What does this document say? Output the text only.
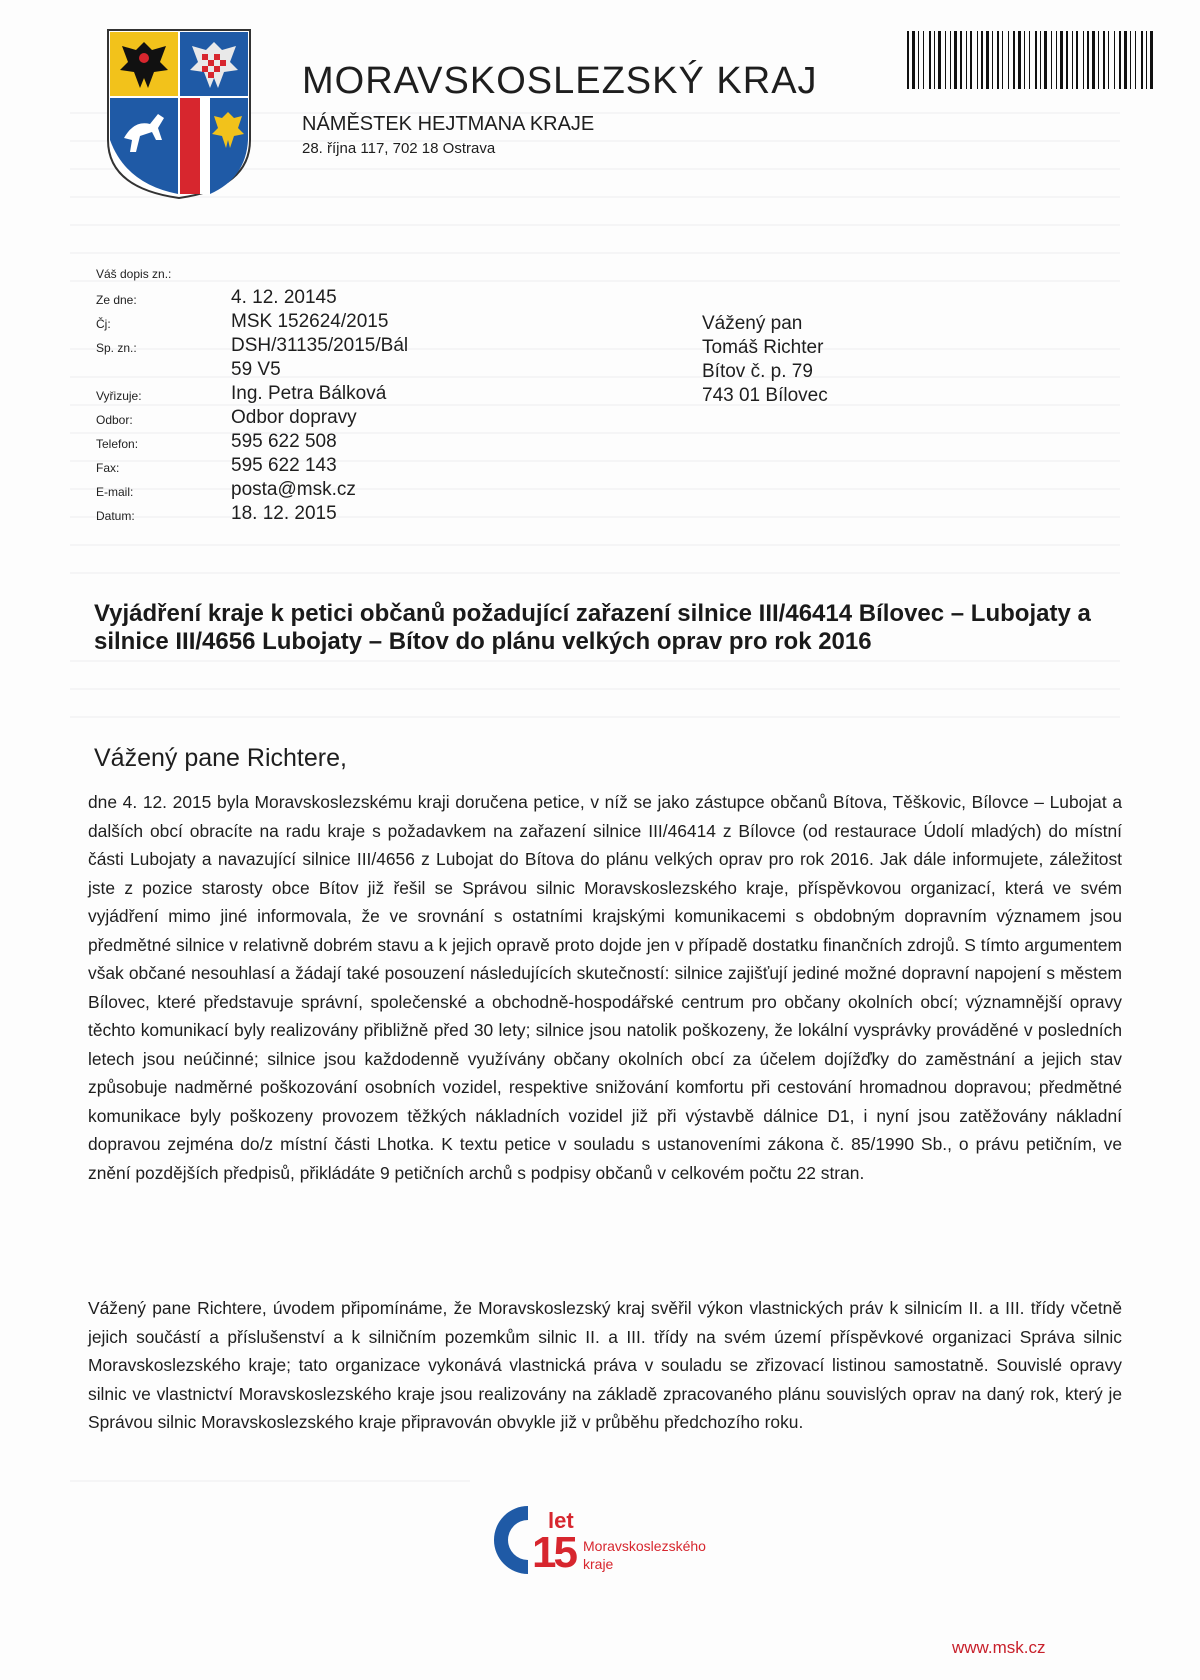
MORAVSKOSLEZSKÝ KRAJ
NÁMĚSTEK HEJTMANA KRAJE
28. října 117, 702 18 Ostrava
Váš dopis zn.:
Ze dne:	4. 12. 20145
Čj:	MSK 152624/2015
Sp. zn.:	DSH/31135/2015/Bál
59 V5
Vyřizuje:	Ing. Petra Bálková
Odbor:	Odbor dopravy
Telefon:	595 622 508
Fax:	595 622 143
E-mail:	posta@msk.cz
Datum:	18. 12. 2015
Vážený pan
Tomáš Richter
Bítov č. p. 79
743 01 Bílovec
Vyjádření kraje k petici občanů požadující zařazení silnice III/46414 Bílovec – Lubojaty a silnice III/4656 Lubojaty – Bítov do plánu velkých oprav pro rok 2016
Vážený pane Richtere,
dne 4. 12. 2015 byla Moravskoslezskému kraji doručena petice, v níž se jako zástupce občanů Bítova, Těškovic, Bílovce – Lubojat a dalších obcí obracíte na radu kraje s požadavkem na zařazení silnice III/46414 z Bílovce (od restaurace Údolí mladých) do místní části Lubojaty a navazující silnice III/4656 z Lubojat do Bítova do plánu velkých oprav pro rok 2016. Jak dále informujete, záležitost jste z pozice starosty obce Bítov již řešil se Správou silnic Moravskoslezského kraje, příspěvkovou organizací, která ve svém vyjádření mimo jiné informovala, že ve srovnání s ostatními krajskými komunikacemi s obdobným dopravním významem jsou předmětné silnice v relativně dobrém stavu a k jejich opravě proto dojde jen v případě dostatku finančních zdrojů. S tímto argumentem však občané nesouhlasí a žádají také posouzení následujících skutečností: silnice zajišťují jediné možné dopravní napojení s městem Bílovec, které představuje správní, společenské a obchodně-hospodářské centrum pro občany okolních obcí; významnější opravy těchto komunikací byly realizovány přibližně před 30 lety; silnice jsou natolik poškozeny, že lokální vysprávky prováděné v posledních letech jsou neúčinné; silnice jsou každodenně využívány občany okolních obcí za účelem dojížďky do zaměstnání a jejich stav způsobuje nadměrné poškozování osobních vozidel, respektive snižování komfortu při cestování hromadnou dopravou; předmětné komunikace byly poškozeny provozem těžkých nákladních vozidel již při výstavbě dálnice D1, i nyní jsou zatěžovány nákladní dopravou zejména do/z místní části Lhotka. K textu petice v souladu s ustanoveními zákona č. 85/1990 Sb., o právu petičním, ve znění pozdějších předpisů, přikládáte 9 petičních archů s podpisy občanů v celkovém počtu 22 stran.
Vážený pane Richtere, úvodem připomínáme, že Moravskoslezský kraj svěřil výkon vlastnických práv k silnicím II. a III. třídy včetně jejich součástí a příslušenství a k silničním pozemkům silnic II. a III. třídy na svém území příspěvkové organizaci Správa silnic Moravskoslezského kraje; tato organizace vykonává vlastnická práva v souladu se zřizovací listinou samostatně. Souvislé opravy silnic ve vlastnictví Moravskoslezského kraje jsou realizovány na základě zpracovaného plánu souvislých oprav na daný rok, který je Správou silnic Moravskoslezského kraje připravován obvykle již v průběhu předchozího roku.
let
15 Moravskoslezského
kraje
www.msk.cz
